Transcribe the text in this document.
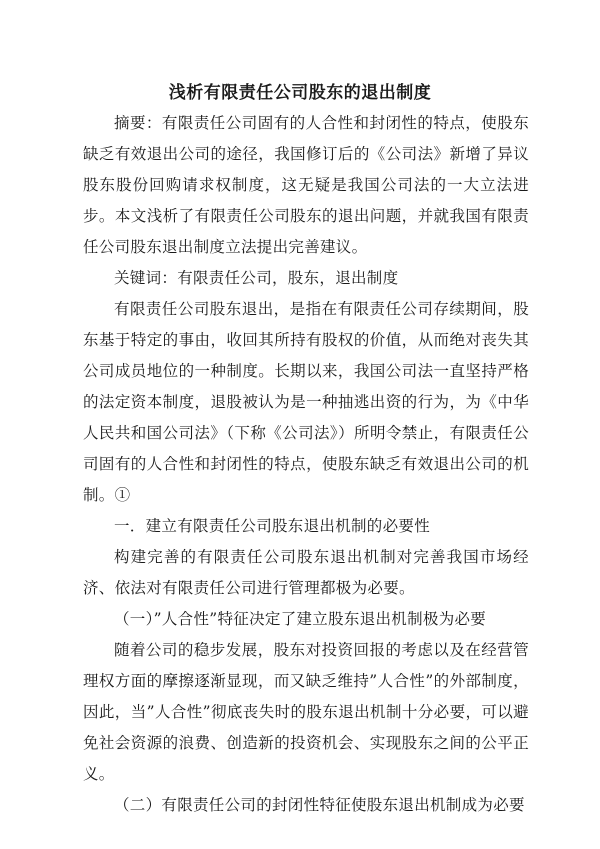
浅析有限责任公司股东的退出制度

摘要：有限责任公司固有的人合性和封闭性的特点，使股东缺乏有效退出公司的途径，我国修订后的《公司法》新增了异议股东股份回购请求权制度，这无疑是我国公司法的一大立法进步。本文浅析了有限责任公司股东的退出问题，并就我国有限责任公司股东退出制度立法提出完善建议。

关键词：有限责任公司，股东，退出制度

有限责任公司股东退出，是指在有限责任公司存续期间，股东基于特定的事由，收回其所持有股权的价值，从而绝对丧失其公司成员地位的一种制度。长期以来，我国公司法一直坚持严格的法定资本制度，退股被认为是一种抽逃出资的行为，为《中华人民共和国公司法》（下称《公司法》）所明令禁止，有限责任公司固有的人合性和封闭性的特点，使股东缺乏有效退出公司的机制。①

一．建立有限责任公司股东退出机制的必要性

构建完善的有限责任公司股东退出机制对完善我国市场经济、依法对有限责任公司进行管理都极为必要。

（一）”人合性”特征决定了建立股东退出机制极为必要

随着公司的稳步发展，股东对投资回报的考虑以及在经营管理权方面的摩擦逐渐显现，而又缺乏维持”人合性”的外部制度，因此，当”人合性”彻底丧失时的股东退出机制十分必要，可以避免社会资源的浪费、创造新的投资机会、实现股东之间的公平正义。

（二）有限责任公司的封闭性特征使股东退出机制成为必要
